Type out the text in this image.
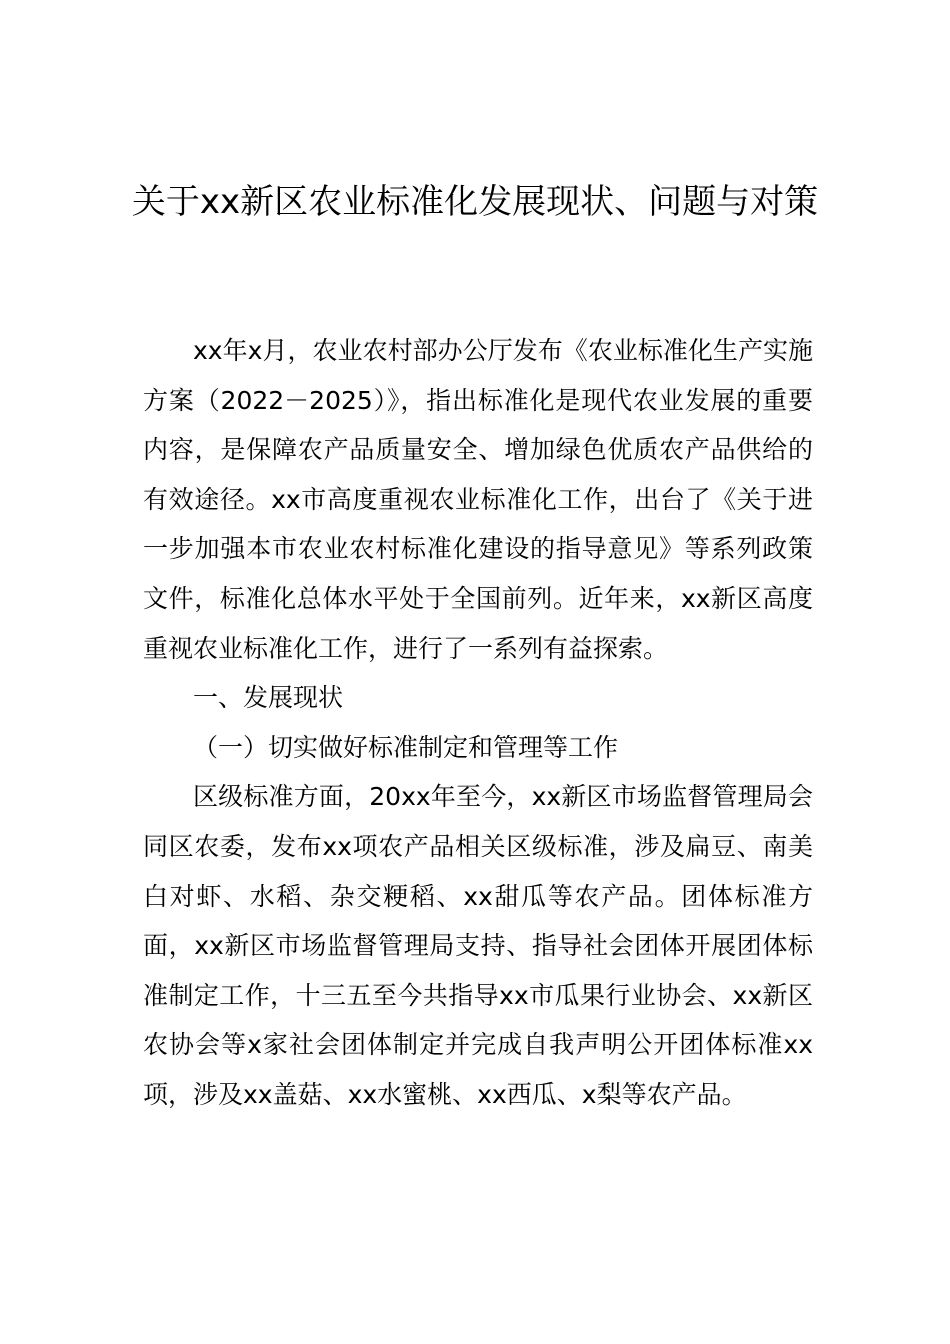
关于xx新区农业标准化发展现状、问题与对策

xx年x月，农业农村部办公厅发布《农业标准化生产实施方案（2022－2025）》，指出标准化是现代农业发展的重要内容，是保障农产品质量安全、增加绿色优质农产品供给的有效途径。xx市高度重视农业标准化工作，出台了《关于进一步加强本市农业农村标准化建设的指导意见》等系列政策文件，标准化总体水平处于全国前列。近年来，xx新区高度重视农业标准化工作，进行了一系列有益探索。

一、发展现状

（一）切实做好标准制定和管理等工作

区级标准方面，20xx年至今，xx新区市场监督管理局会同区农委，发布xx项农产品相关区级标准，涉及扁豆、南美白对虾、水稻、杂交粳稻、xx甜瓜等农产品。团体标准方面，xx新区市场监督管理局支持、指导社会团体开展团体标准制定工作，十三五至今共指导xx市瓜果行业协会、xx新区农协会等x家社会团体制定并完成自我声明公开团体标准xx项，涉及xx盖菇、xx水蜜桃、xx西瓜、x梨等农产品。
